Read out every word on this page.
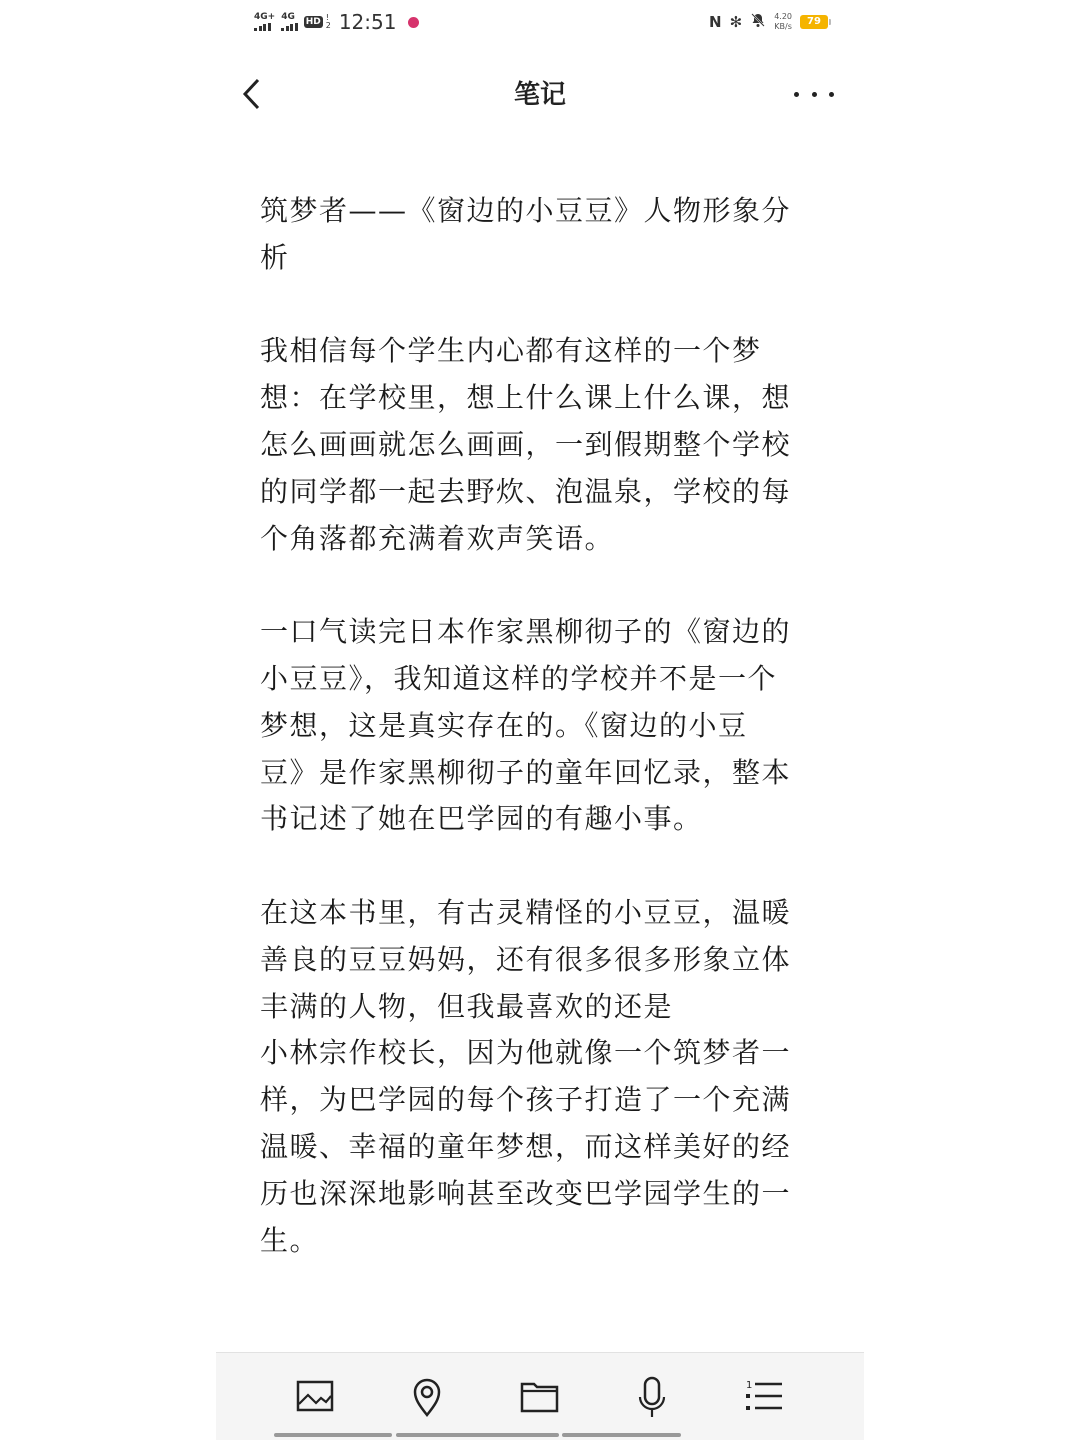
4G+ 4G HD !
2 12:51	N ✻	4.20
KB/s	79
笔记

筑梦者——《窗边的小豆豆》人物形象分
析

我相信每个学生内心都有这样的一个梦
想：在学校里，想上什么课上什么课，想
怎么画画就怎么画画，一到假期整个学校
的同学都一起去野炊、泡温泉，学校的每
个角落都充满着欢声笑语。

一口气读完日本作家黑柳彻子的《窗边的
小豆豆》，我知道这样的学校并不是一个
梦想，这是真实存在的。《窗边的小豆
豆》是作家黑柳彻子的童年回忆录，整本
书记述了她在巴学园的有趣小事。

在这本书里，有古灵精怪的小豆豆，温暖
善良的豆豆妈妈，还有很多很多形象立体
丰满的人物，但我最喜欢的还是
小林宗作校长，因为他就像一个筑梦者一
样，为巴学园的每个孩子打造了一个充满
温暖、幸福的童年梦想，而这样美好的经
历也深深地影响甚至改变巴学园学生的一
生。

1
